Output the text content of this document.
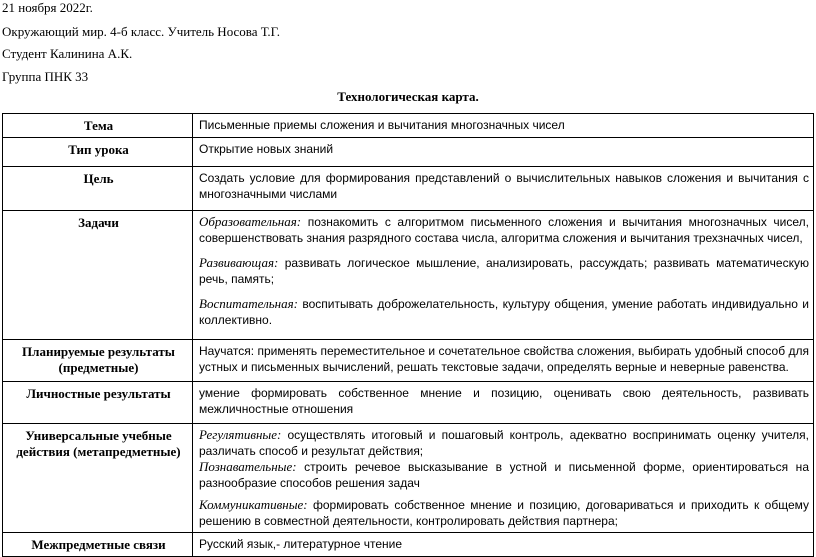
21 ноября 2022г.
Окружающий мир. 4-б класс. Учитель Носова Т.Г.
Студент Калинина А.К.
Группа ПНК 33
Технологическая карта.
Тема	Письменные приемы сложения и вычитания многозначных чисел
Тип урока	Открытие новых знаний
Цель	Создать условие для формирования представлений о вычислительных навыков сложения и вычитания с многозначными числами
Задачи	Образовательная: познакомить с алгоритмом письменного сложения и вычитания многозначных чисел, совершенствовать знания разрядного состава числа, алгоритма сложения и вычитания трехзначных чисел,
Развивающая: развивать логическое мышление, анализировать, рассуждать; развивать математическую речь, память;
Воспитательная: воспитывать доброжелательность, культуру общения, умение работать индивидуально и коллективно.

Планируемые результаты (предметные)	Научатся: применять переместительное и сочетательное свойства сложения, выбирать удобный способ для устных и письменных вычислений, решать текстовые задачи, определять верные и неверные равенства.
Личностные результаты	умение формировать собственное мнение и позицию, оценивать свою деятельность, развивать межличностные отношения
Универсальные учебные действия (метапредметные)	Регулятивные: осуществлять итоговый и пошаговый контроль, адекватно воспринимать оценку учителя, различать способ и результат действия;
Познавательные: строить речевое высказывание в устной и письменной форме, ориентироваться на разнообразие способов решения задач
Коммуникативные: формировать собственное мнение и позицию, договариваться и приходить к общему решению в совместной деятельности, контролировать действия партнера;

Межпредметные связи	Русский язык,- литературное чтение
